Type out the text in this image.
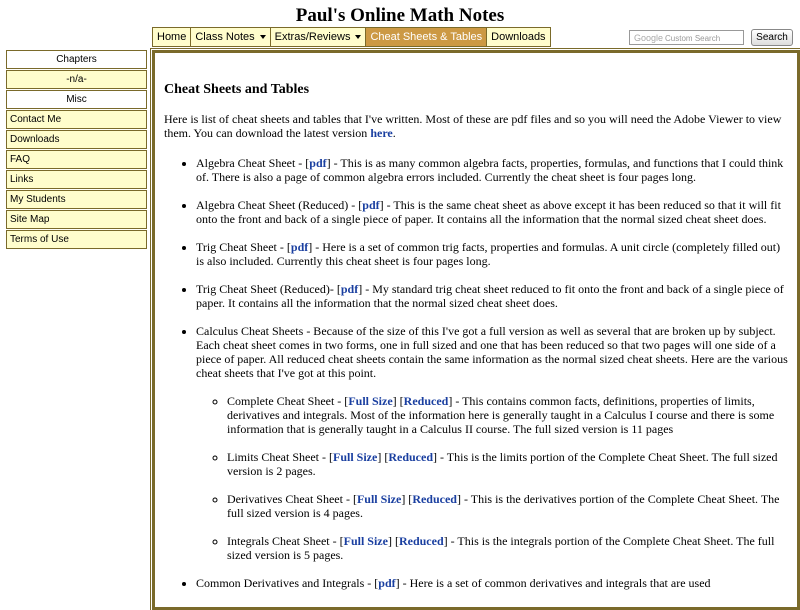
Paul's Online Math Notes
Home Class Notes Extras/Reviews Cheat Sheets & Tables Downloads	Google Custom Search	Search
Chapters
-n/a-
Misc
Contact Me
Downloads
FAQ
Links
My Students
Site Map
Terms of Use
Cheat Sheets and Tables

Here is list of cheat sheets and tables that I've written. Most of these are pdf files and so you will need the Adobe Viewer to view them. You can download the latest version here.

• Algebra Cheat Sheet - [pdf] - This is as many common algebra facts, properties, formulas, and functions that I could think of. There is also a page of common algebra errors included. Currently the cheat sheet is four pages long.
• Algebra Cheat Sheet (Reduced) - [pdf] - This is the same cheat sheet as above except it has been reduced so that it will fit onto the front and back of a single piece of paper. It contains all the information that the normal sized cheat sheet does.
• Trig Cheat Sheet - [pdf] - Here is a set of common trig facts, properties and formulas. A unit circle (completely filled out) is also included. Currently this cheat sheet is four pages long.
• Trig Cheat Sheet (Reduced)- [pdf] - My standard trig cheat sheet reduced to fit onto the front and back of a single piece of paper. It contains all the information that the normal sized cheat sheet does.
• Calculus Cheat Sheets - Because of the size of this I've got a full version as well as several that are broken up by subject. Each cheat sheet comes in two forms, one in full sized and one that has been reduced so that two pages will one side of a piece of paper. All reduced cheat sheets contain the same information as the normal sized cheat sheets. Here are the various cheat sheets that I've got at this point.
◦ Complete Cheat Sheet - [Full Size] [Reduced] - This contains common facts, definitions, properties of limits, derivatives and integrals. Most of the information here is generally taught in a Calculus I course and there is some information that is generally taught in a Calculus II course. The full sized version is 11 pages
◦ Limits Cheat Sheet - [Full Size] [Reduced] - This is the limits portion of the Complete Cheat Sheet. The full sized version is 2 pages.
◦ Derivatives Cheat Sheet - [Full Size] [Reduced] - This is the derivatives portion of the Complete Cheat Sheet. The full sized version is 4 pages.
◦ Integrals Cheat Sheet - [Full Size] [Reduced] - This is the integrals portion of the Complete Cheat Sheet. The full sized version is 5 pages.
• Common Derivatives and Integrals - [pdf] - Here is a set of common derivatives and integrals that are used
